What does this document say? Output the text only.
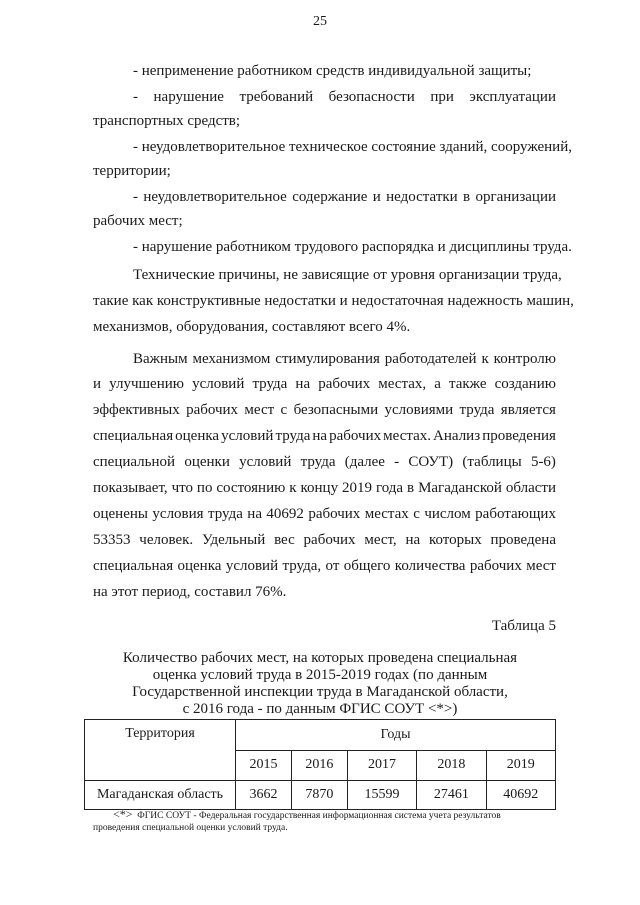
25
- неприменение работником средств индивидуальной защиты;
- нарушение требований безопасности при эксплуатации
транспортных средств;
- неудовлетворительное техническое состояние зданий, сооружений,
территории;
- неудовлетворительное содержание и недостатки в организации
рабочих мест;
- нарушение работником трудового распорядка и дисциплины труда.
Технические причины, не зависящие от уровня организации труда,
такие как конструктивные недостатки и недостаточная надежность машин,
механизмов, оборудования, составляют всего 4%.
Важным механизмом стимулирования работодателей к контролю
и улучшению условий труда на рабочих местах, а также созданию
эффективных рабочих мест с безопасными условиями труда является
специальная оценка условий труда на рабочих местах. Анализ проведения
специальной оценки условий труда (далее - СОУТ) (таблицы 5-6)
показывает, что по состоянию к концу 2019 года в Магаданской области
оценены условия труда на 40692 рабочих местах с числом работающих
53353 человек. Удельный вес рабочих мест, на которых проведена
специальная оценка условий труда, от общего количества рабочих мест
на этот период, составил 76%.
Таблица 5
Количество рабочих мест, на которых проведена специальная
оценка условий труда в 2015-2019 годах (по данным
Государственной инспекции труда в Магаданской области,
с 2016 года - по данным ФГИС СОУТ <*>)
Территория	Годы				
	2015	2016	2017	2018	2019
Магаданская область	3662	7870	15599	27461	40692
<*> ФГИС СОУТ - Федеральная государственная информационная система учета результатов
проведения специальной оценки условий труда.
